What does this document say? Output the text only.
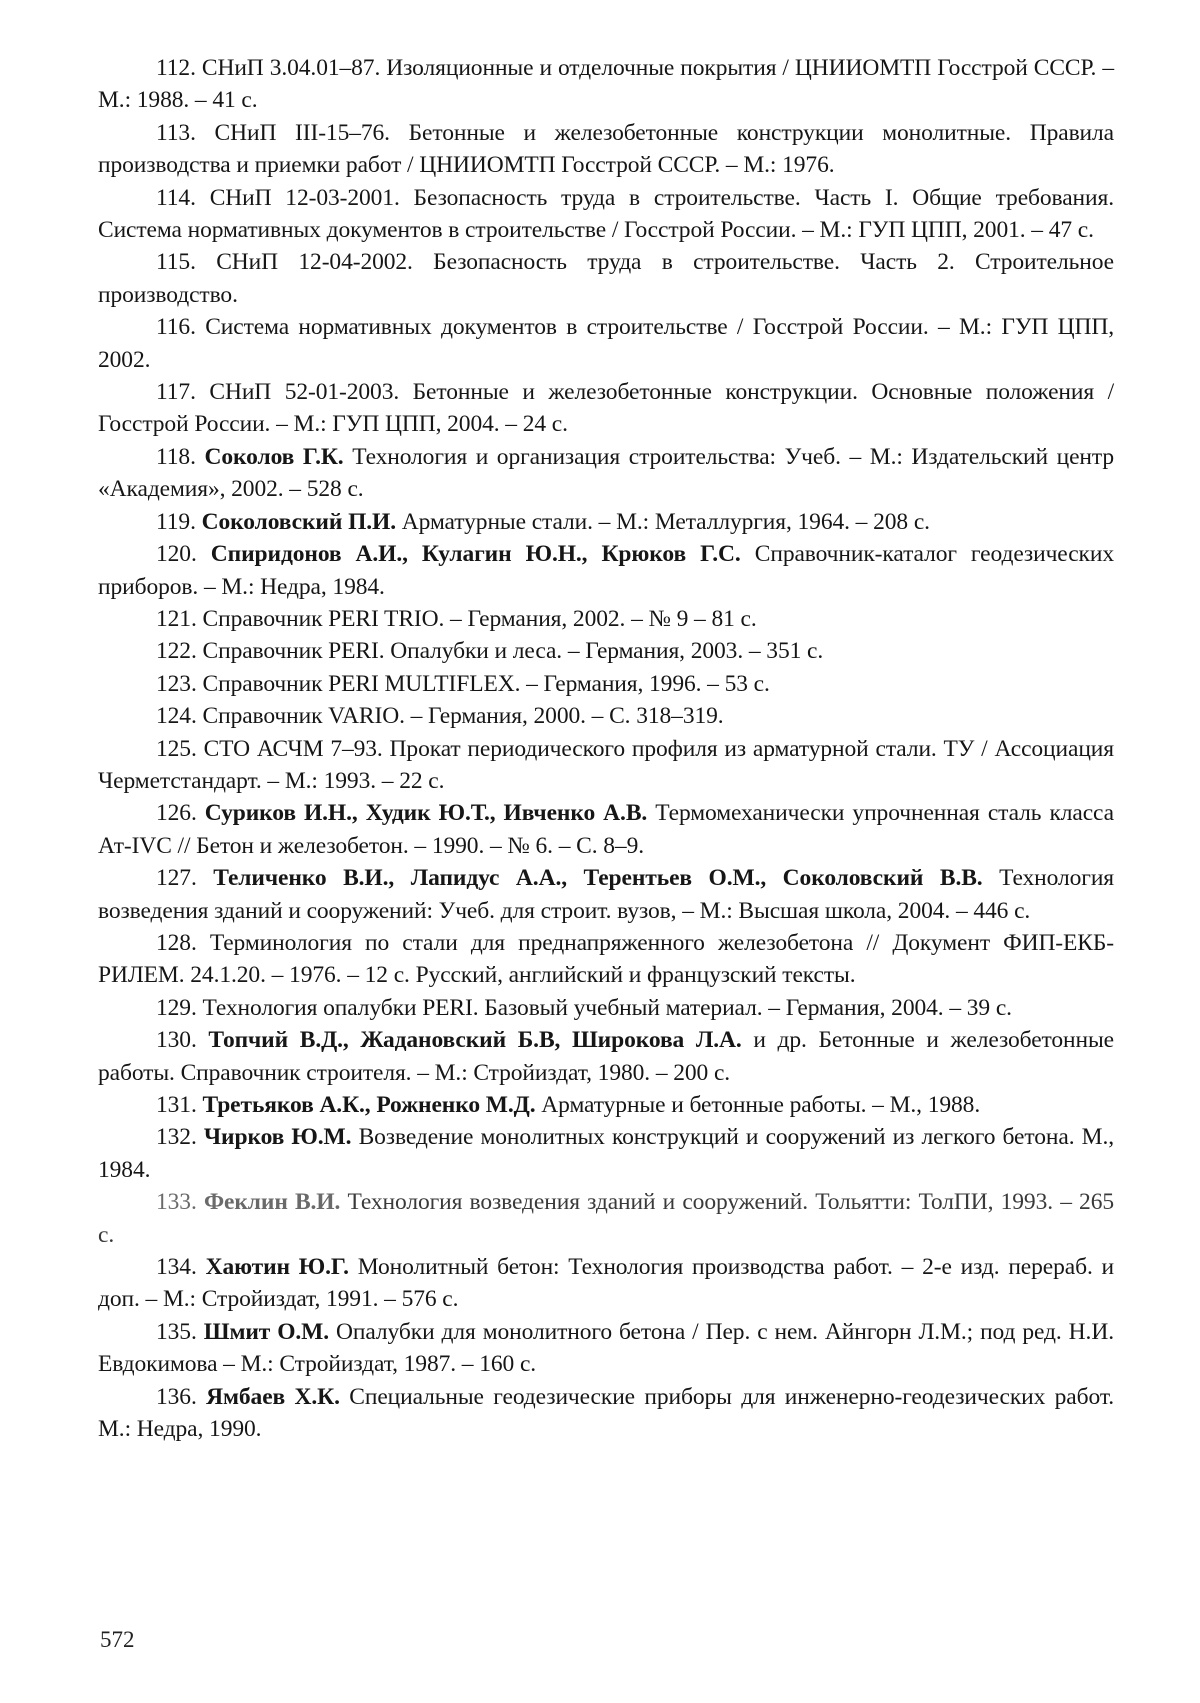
112. СНиП 3.04.01–87. Изоляционные и отделочные покрытия / ЦНИИОМТП Госстрой СССР. – М.: 1988. – 41 с.

113. СНиП III-15–76. Бетонные и железобетонные конструкции монолитные. Правила производства и приемки работ / ЦНИИОМТП Госстрой СССР. – М.: 1976.

114. СНиП 12-03-2001. Безопасность труда в строительстве. Часть I. Общие требования. Система нормативных документов в строительстве / Госстрой России. – М.: ГУП ЦПП, 2001. – 47 с.

115. СНиП 12-04-2002. Безопасность труда в строительстве. Часть 2. Строительное производство.

116. Система нормативных документов в строительстве / Госстрой России. – М.: ГУП ЦПП, 2002.

117. СНиП 52-01-2003. Бетонные и железобетонные конструкции. Основные положения / Госстрой России. – М.: ГУП ЦПП, 2004. – 24 с.

118. Соколов Г.К. Технология и организация строительства: Учеб. – М.: Издательский центр «Академия», 2002. – 528 с.

119. Соколовский П.И. Арматурные стали. – М.: Металлургия, 1964. – 208 с.

120. Спиридонов А.И., Кулагин Ю.Н., Крюков Г.С. Справочник-каталог геодезических приборов. – М.: Недра, 1984.

121. Справочник PERI TRIO. – Германия, 2002. – № 9 – 81 с.

122. Справочник PERI. Опалубки и леса. – Германия, 2003. – 351 с.

123. Справочник PERI MULTIFLEX. – Германия, 1996. – 53 с.

124. Справочник VARIO. – Германия, 2000. – С. 318–319.

125. СТО АСЧМ 7–93. Прокат периодического профиля из арматурной стали. ТУ / Ассоциация Черметстандарт. – М.: 1993. – 22 с.

126. Суриков И.Н., Худик Ю.Т., Ивченко А.В. Термомеханически упрочненная сталь класса Ат-IVC // Бетон и железобетон. – 1990. – № 6. – С. 8–9.

127. Теличенко В.И., Лапидус А.А., Терентьев О.М., Соколовский В.В. Технология возведения зданий и сооружений: Учеб. для строит. вузов, – М.: Высшая школа, 2004. – 446 с.

128. Терминология по стали для преднапряженного железобетона // Документ ФИП-ЕКБ-РИЛЕМ. 24.1.20. – 1976. – 12 с. Русский, английский и французский тексты.

129. Технология опалубки PERI. Базовый учебный материал. – Германия, 2004. – 39 с.

130. Топчий В.Д., Жадановский Б.В, Широкова Л.А. и др. Бетонные и железобетонные работы. Справочник строителя. – М.: Стройиздат, 1980. – 200 с.

131. Третьяков А.К., Рожненко М.Д. Арматурные и бетонные работы. – М., 1988.

132. Чирков Ю.М. Возведение монолитных конструкций и сооружений из легкого бетона. М., 1984.

133. Феклин В.И. Технология возведения зданий и сооружений. Тольятти: ТолПИ, 1993. – 265 с.

134. Хаютин Ю.Г. Монолитный бетон: Технология производства работ. – 2-е изд. перераб. и доп. – М.: Стройиздат, 1991. – 576 с.

135. Шмит О.М. Опалубки для монолитного бетона / Пер. с нем. Айнгорн Л.М.; под ред. Н.И. Евдокимова – М.: Стройиздат, 1987. – 160 с.

136. Ямбаев Х.К. Специальные геодезические приборы для инженерно-геодезических работ. М.: Недра, 1990.

572
